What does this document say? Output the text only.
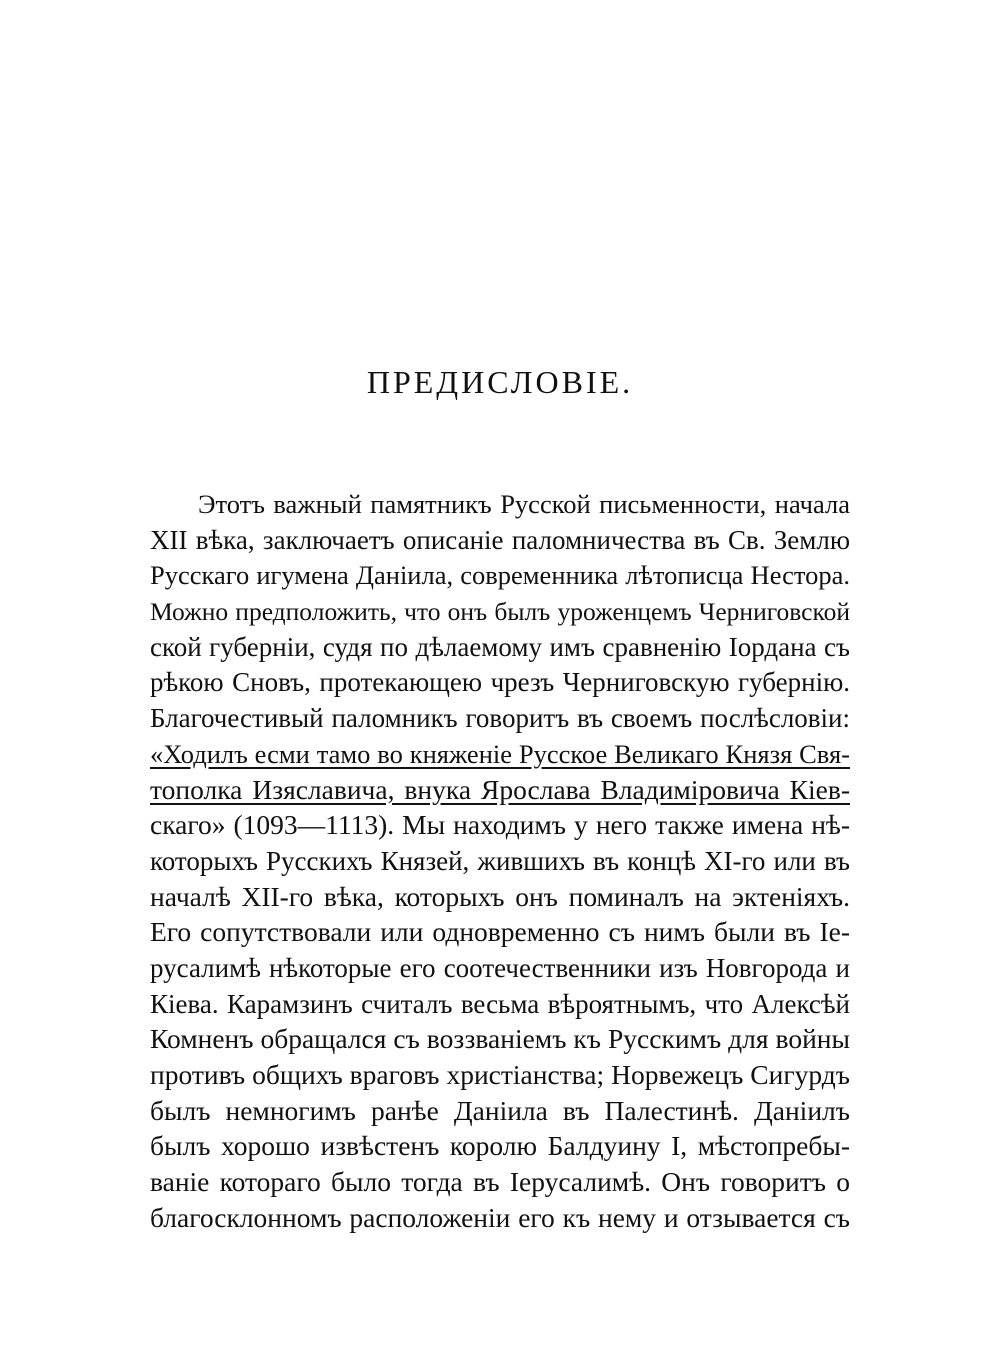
ПРЕДИСЛОВІЕ.
Этотъ важный памятникъ Русской письменности, начала
XII вѣка, заключаетъ описаніе паломничества въ Св. Землю
Русскаго игумена Даніила, современника лѣтописца Нестора.
Можно предположить, что онъ былъ уроженцемъ Черниговской
ской губерніи, судя по дѣлаемому имъ сравненію Іордана съ
рѣкою Сновъ, протекающею чрезъ Черниговскую губернію.
Благочестивый паломникъ говоритъ въ своемъ послѣсловіи:
«Ходилъ есми тамо во княженіе Русское Великаго Князя Свя-
тополка Изяславича, внука Ярослава Владиміровича Кіев-
скаго» (1093—1113). Мы находимъ у него также имена нѣ-
которыхъ Русскихъ Князей, жившихъ въ концѣ XI-го или въ
началѣ XII-го вѣка, которыхъ онъ поминалъ на эктеніяхъ.
Его сопутствовали или одновременно съ нимъ были въ Іе-
русалимѣ нѣкоторые его соотечественники изъ Новгорода и
Кіева. Карамзинъ считалъ весьма вѣроятнымъ, что Алексѣй
Комненъ обращался съ воззваніемъ къ Русскимъ для войны
противъ общихъ враговъ христіанства; Норвежецъ Сигурдъ
былъ немногимъ ранѣе Даніила въ Палестинѣ. Даніилъ
былъ хорошо извѣстенъ королю Балдуину I, мѣстопребы-
ваніе котораго было тогда въ Іерусалимѣ. Онъ говоритъ о
благосклонномъ расположеніи его къ нему и отзывается съ
